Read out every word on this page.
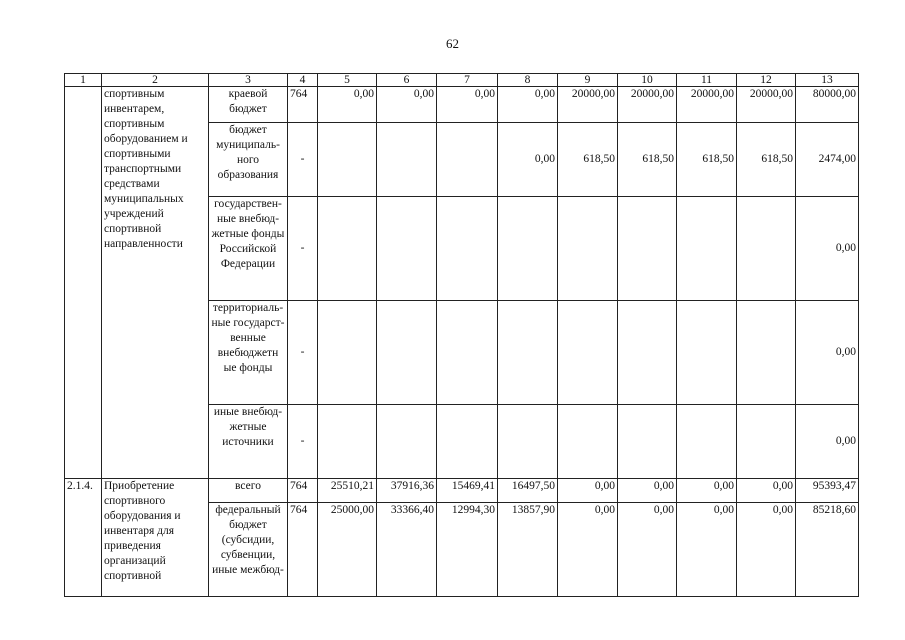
62
1	2	3	4	5	6	7	8	9	10	11	12	13
	спортивным инвентарем, спортивным оборудованием и спортивными транспортными средствами муниципальных учреждений спортивной направленности	краевой бюджет	764	0,00	0,00	0,00	0,00	20000,00	20000,00	20000,00	20000,00	80000,00
		бюджет муниципаль-ного образования	-				0,00	618,50	618,50	618,50	618,50	2474,00
		государствен-ные внебюд-жетные фонды Российской Федерации	-									0,00
		территориаль-ные государст-венные внебюджетн ые фонды	-									0,00
		иные внебюд-жетные источники	-									0,00
2.1.4.	Приобретение спортивного оборудования и инвентаря для приведения организаций спортивной	всего	764	25510,21	37916,36	15469,41	16497,50	0,00	0,00	0,00	0,00	95393,47
		федеральный бюджет (субсидии, субвенции, иные межбюд-	764	25000,00	33366,40	12994,30	13857,90	0,00	0,00	0,00	0,00	85218,60
